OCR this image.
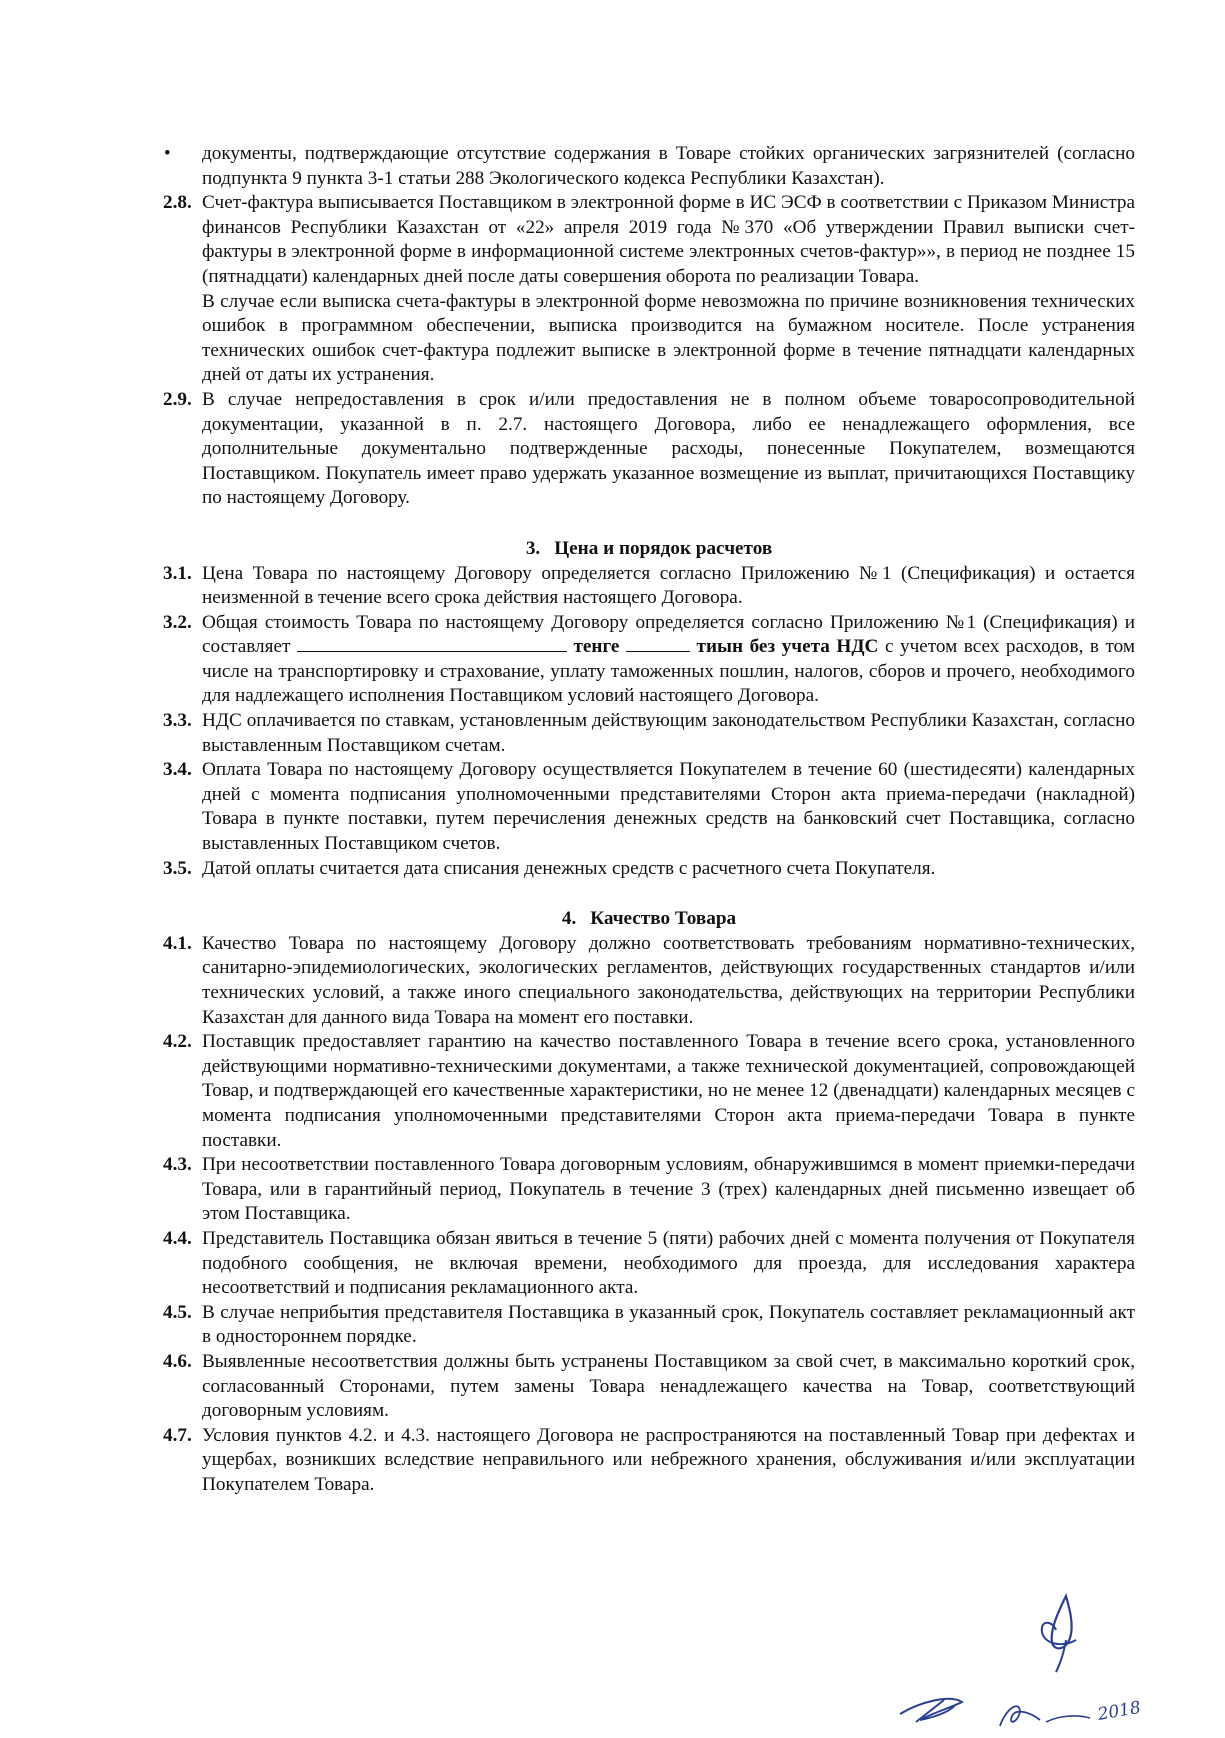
• документы, подтверждающие отсутствие содержания в Товаре стойких органических загрязнителей (согласно подпункта 9 пункта 3-1 статьи 288 Экологического кодекса Республики Казахстан).

2.8. Счет-фактура выписывается Поставщиком в электронной форме в ИС ЭСФ в соответствии с Приказом Министра финансов Республики Казахстан от «22» апреля 2019 года №370 «Об утверждении Правил выписки счет-фактуры в электронной форме в информационной системе электронных счетов-фактур»», в период не позднее 15 (пятнадцати) календарных дней после даты совершения оборота по реализации Товара.

В случае если выписка счета-фактуры в электронной форме невозможна по причине возникновения технических ошибок в программном обеспечении, выписка производится на бумажном носителе. После устранения технических ошибок счет-фактура подлежит выписке в электронной форме в течение пятнадцати календарных дней от даты их устранения.

2.9. В случае непредоставления в срок и/или предоставления не в полном объеме товаросопроводительной документации, указанной в п. 2.7. настоящего Договора, либо ее ненадлежащего оформления, все дополнительные документально подтвержденные расходы, понесенные Покупателем, возмещаются Поставщиком. Покупатель имеет право удержать указанное возмещение из выплат, причитающихся Поставщику по настоящему Договору.

3. Цена и порядок расчетов

3.1. Цена Товара по настоящему Договору определяется согласно Приложению №1 (Спецификация) и остается неизменной в течение всего срока действия настоящего Договора.

3.2. Общая стоимость Товара по настоящему Договору определяется согласно Приложению №1 (Спецификация) и составляет	тенге	тиын без учета НДС с учетом всех расходов, в том числе на транспортировку и страхование, уплату таможенных пошлин, налогов, сборов и прочего, необходимого для надлежащего исполнения Поставщиком условий настоящего Договора.

3.3. НДС оплачивается по ставкам, установленным действующим законодательством Республики Казахстан, согласно выставленным Поставщиком счетам.

3.4. Оплата Товара по настоящему Договору осуществляется Покупателем в течение 60 (шестидесяти) календарных дней с момента подписания уполномоченными представителями Сторон акта приема-передачи (накладной) Товара в пункте поставки, путем перечисления денежных средств на банковский счет Поставщика, согласно выставленных Поставщиком счетов.

3.5. Датой оплаты считается дата списания денежных средств с расчетного счета Покупателя.

4. Качество Товара

4.1. Качество Товара по настоящему Договору должно соответствовать требованиям нормативно-технических, санитарно-эпидемиологических, экологических регламентов, действующих государственных стандартов и/или технических условий, а также иного специального законодательства, действующих на территории Республики Казахстан для данного вида Товара на момент его поставки.

4.2. Поставщик предоставляет гарантию на качество поставленного Товара в течение всего срока, установленного действующими нормативно-техническими документами, а также технической документацией, сопровождающей Товар, и подтверждающей его качественные характеристики, но не менее 12 (двенадцати) календарных месяцев с момента подписания уполномоченными представителями Сторон акта приема-передачи Товара в пункте поставки.

4.3. При несоответствии поставленного Товара договорным условиям, обнаружившимся в момент приемки-передачи Товара, или в гарантийный период, Покупатель в течение 3 (трех) календарных дней письменно извещает об этом Поставщика.

4.4. Представитель Поставщика обязан явиться в течение 5 (пяти) рабочих дней с момента получения от Покупателя подобного сообщения, не включая времени, необходимого для проезда, для исследования характера несоответствий и подписания рекламационного акта.

4.5. В случае неприбытия представителя Поставщика в указанный срок, Покупатель составляет рекламационный акт в одностороннем порядке.

4.6. Выявленные несоответствия должны быть устранены Поставщиком за свой счет, в максимально короткий срок, согласованный Сторонами, путем замены Товара ненадлежащего качества на Товар, соответствующий договорным условиям.

4.7. Условия пунктов 4.2. и 4.3. настоящего Договора не распространяются на поставленный Товар при дефектах и ущербах, возникших вследствие неправильного или небрежного хранения, обслуживания и/или эксплуатации Покупателем Товара.

2018
